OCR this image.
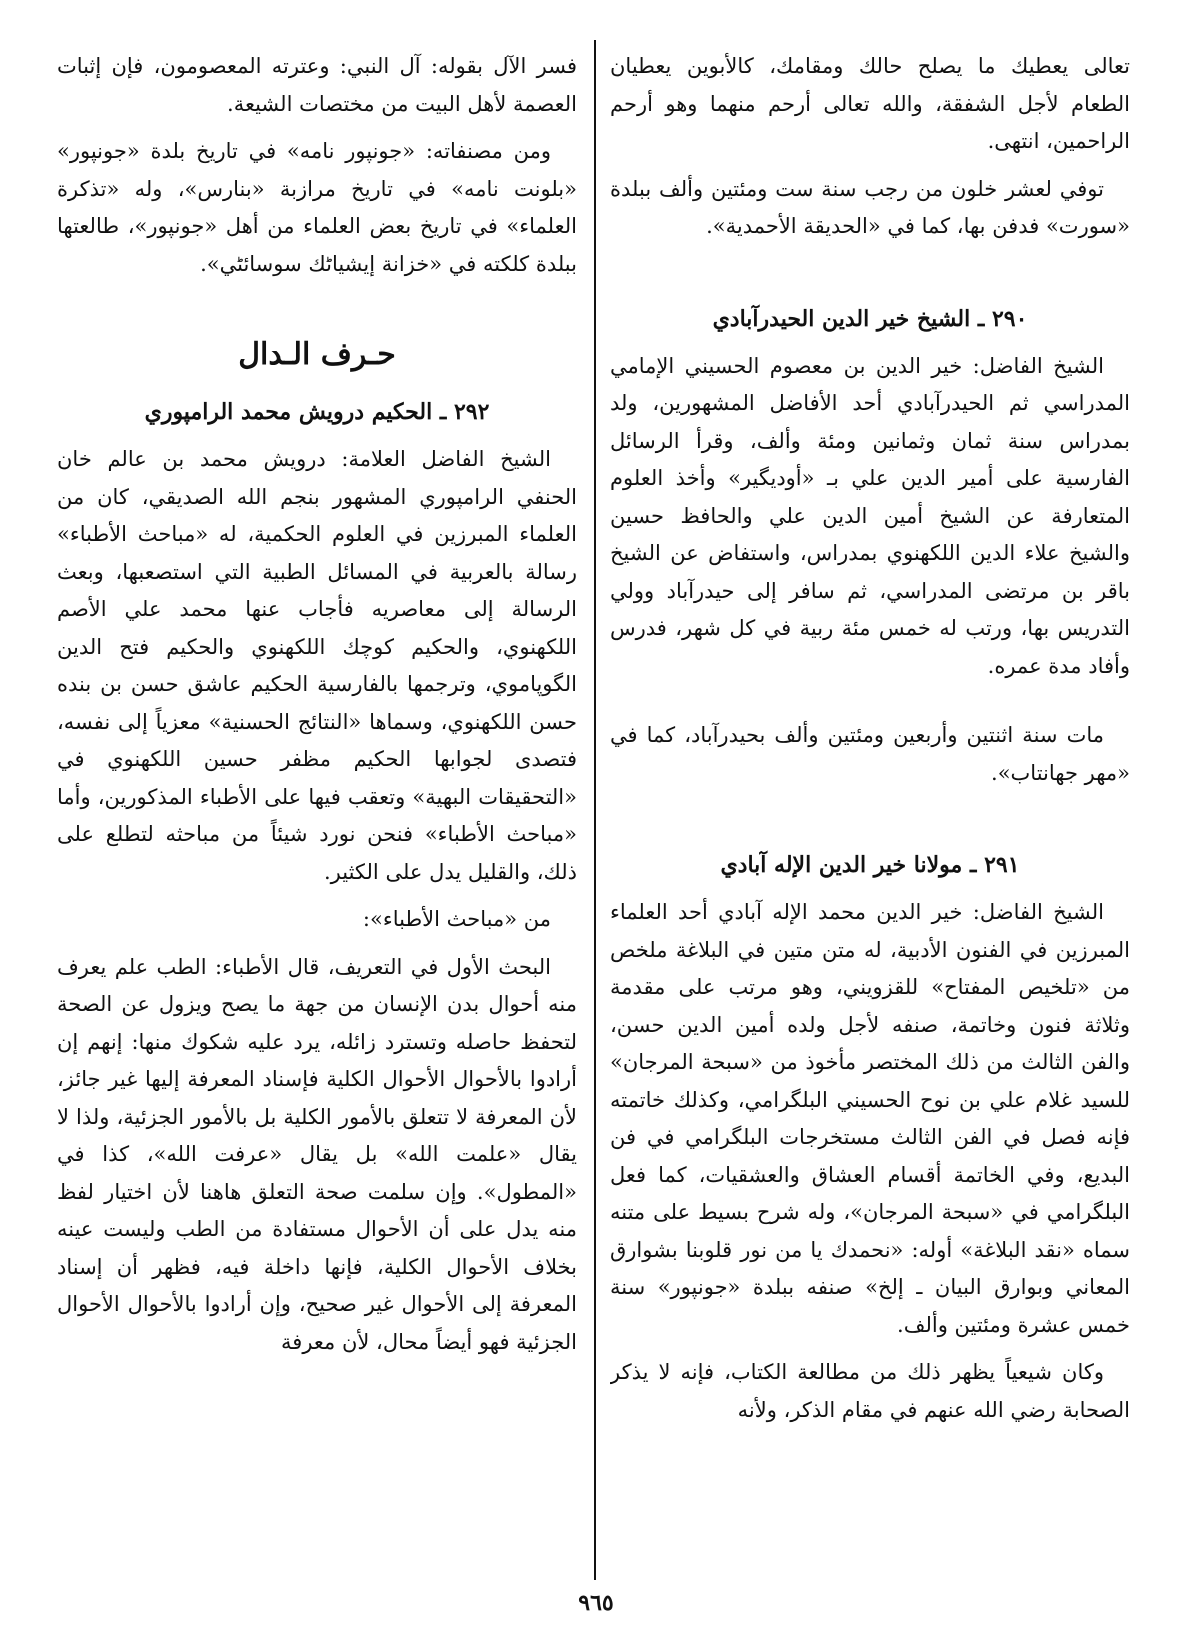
تعالى يعطيك ما يصلح حالك ومقامك، كالأبوين يعطيان الطعام لأجل الشفقة، والله تعالى أرحم منهما وهو أرحم الراحمين، انتهى.

توفي لعشر خلون من رجب سنة ست ومئتين وألف ببلدة «سورت» فدفن بها، كما في «الحديقة الأحمدية».

٢٩٠ ـ الشيخ خير الدين الحيدرآبادي

الشيخ الفاضل: خير الدين بن معصوم الحسيني الإمامي المدراسي ثم الحيدرآبادي أحد الأفاضل المشهورين، ولد بمدراس سنة ثمان وثمانين ومئة وألف، وقرأ الرسائل الفارسية على أمير الدين علي بـ «أوديگير» وأخذ العلوم المتعارفة عن الشيخ أمين الدين علي والحافظ حسين والشيخ علاء الدين اللكهنوي بمدراس، واستفاض عن الشيخ باقر بن مرتضى المدراسي، ثم سافر إلى حيدرآباد وولي التدريس بها، ورتب له خمس مئة ربية في كل شهر، فدرس وأفاد مدة عمره.

مات سنة اثنتين وأربعين ومئتين وألف بحيدرآباد، كما في «مهر جهانتاب».

٢٩١ ـ مولانا خير الدين الإله آبادي

الشيخ الفاضل: خير الدين محمد الإله آبادي أحد العلماء المبرزين في الفنون الأدبية، له متن متين في البلاغة ملخص من «تلخيص المفتاح» للقزويني، وهو مرتب على مقدمة وثلاثة فنون وخاتمة، صنفه لأجل ولده أمين الدين حسن، والفن الثالث من ذلك المختصر مأخوذ من «سبحة المرجان» للسيد غلام علي بن نوح الحسيني البلگرامي، وكذلك خاتمته فإنه فصل في الفن الثالث مستخرجات البلگرامي في فن البديع، وفي الخاتمة أقسام العشاق والعشقيات، كما فعل البلگرامي في «سبحة المرجان»، وله شرح بسيط على متنه سماه «نقد البلاغة» أوله: «نحمدك يا من نور قلوبنا بشوارق المعاني وبوارق البيان ـ إلخ» صنفه ببلدة «جونپور» سنة خمس عشرة ومئتين وألف.

وكان شيعياً يظهر ذلك من مطالعة الكتاب، فإنه لا يذكر الصحابة رضي الله عنهم في مقام الذكر، ولأنه

فسر الآل بقوله: آل النبي: وعترته المعصومون، فإن إثبات العصمة لأهل البيت من مختصات الشيعة.

ومن مصنفاته: «جونپور نامه» في تاريخ بلدة «جونپور» «بلونت نامه» في تاريخ مرازبة «بنارس»، وله «تذكرة العلماء» في تاريخ بعض العلماء من أهل «جونپور»، طالعتها ببلدة كلكته في «خزانة إيشياٹك سوسائٹي».

حـرف الـدال
٢٩٢ ـ الحكيم درويش محمد الرامپوري

الشيخ الفاضل العلامة: درويش محمد بن عالم خان الحنفي الرامپوري المشهور بنجم الله الصديقي، كان من العلماء المبرزين في العلوم الحكمية، له «مباحث الأطباء» رسالة بالعربية في المسائل الطبية التي استصعبها، وبعث الرسالة إلى معاصريه فأجاب عنها محمد علي الأصم اللكهنوي، والحكيم كوچك اللكهنوي والحكيم فتح الدين الگوپاموي، وترجمها بالفارسية الحكيم عاشق حسن بن بنده حسن اللكهنوي، وسماها «النتائج الحسنية» معزياً إلى نفسه، فتصدى لجوابها الحكيم مظفر حسين اللكهنوي في «التحقيقات البهية» وتعقب فيها على الأطباء المذكورين، وأما «مباحث الأطباء» فنحن نورد شيئاً من مباحثه لتطلع على ذلك، والقليل يدل على الكثير.

من «مباحث الأطباء»:

البحث الأول في التعريف، قال الأطباء: الطب علم يعرف منه أحوال بدن الإنسان من جهة ما يصح ويزول عن الصحة لتحفظ حاصله وتسترد زائله، يرد عليه شكوك منها: إنهم إن أرادوا بالأحوال الأحوال الكلية فإسناد المعرفة إليها غير جائز، لأن المعرفة لا تتعلق بالأمور الكلية بل بالأمور الجزئية، ولذا لا يقال «علمت الله» بل يقال «عرفت الله»، كذا في «المطول». وإن سلمت صحة التعلق هاهنا لأن اختيار لفظ منه يدل على أن الأحوال مستفادة من الطب وليست عينه بخلاف الأحوال الكلية، فإنها داخلة فيه، فظهر أن إسناد المعرفة إلى الأحوال غير صحيح، وإن أرادوا بالأحوال الأحوال الجزئية فهو أيضاً محال، لأن معرفة

٩٦٥
